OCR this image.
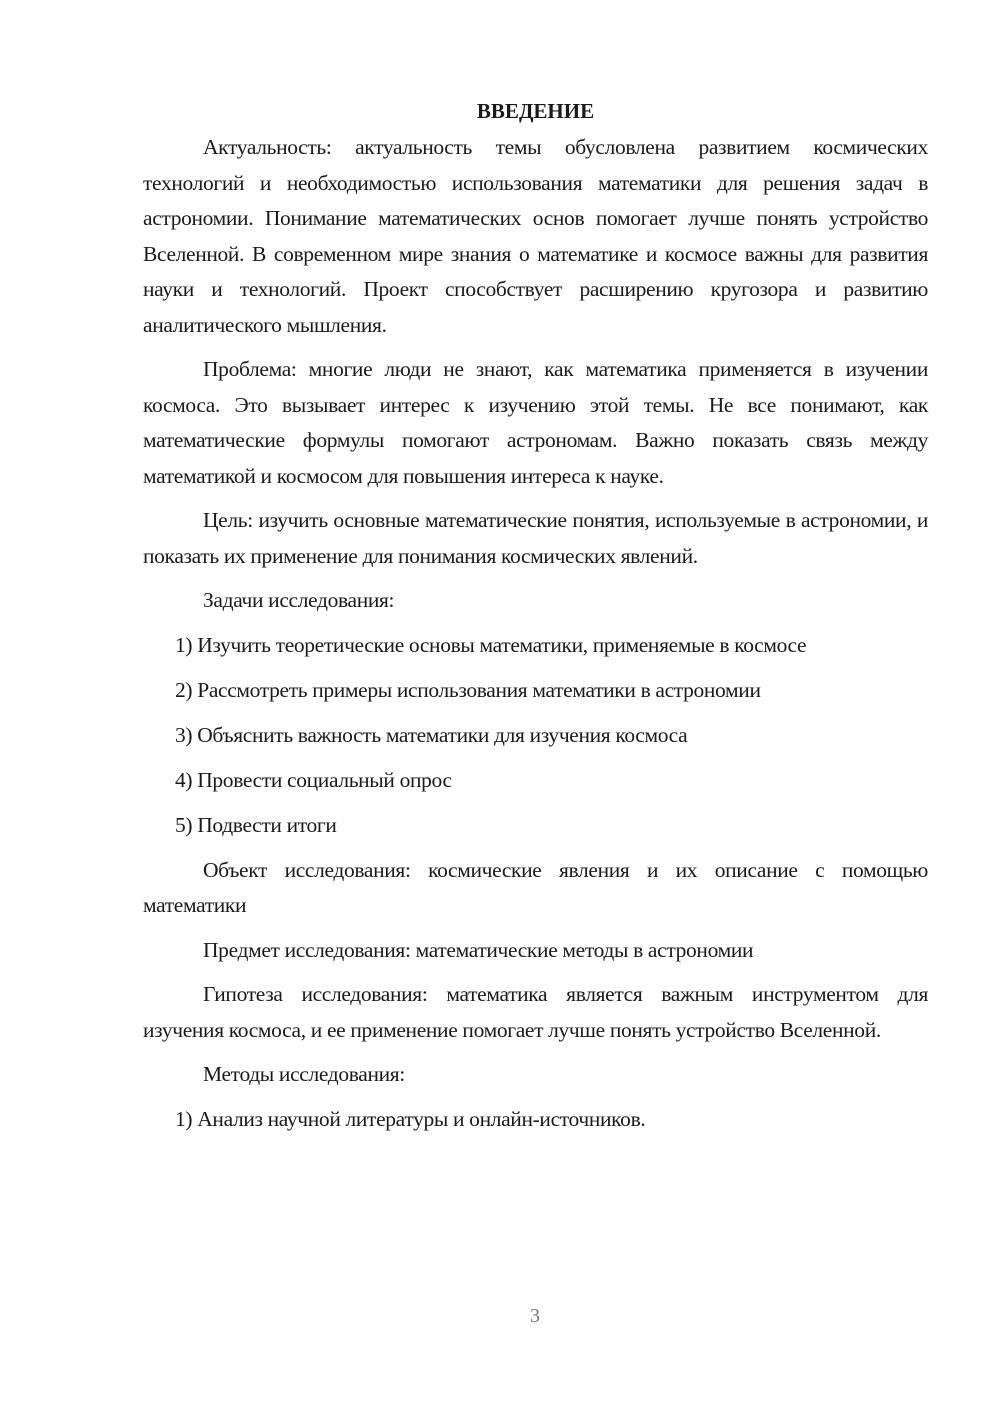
ВВЕДЕНИЕ

Актуальность: актуальность темы обусловлена развитием космических технологий и необходимостью использования математики для решения задач в астрономии. Понимание математических основ помогает лучше понять устройство Вселенной. В современном мире знания о математике и космосе важны для развития науки и технологий. Проект способствует расширению кругозора и развитию аналитического мышления.

Проблема: многие люди не знают, как математика применяется в изучении космоса. Это вызывает интерес к изучению этой темы. Не все понимают, как математические формулы помогают астрономам. Важно показать связь между математикой и космосом для повышения интереса к науке.

Цель: изучить основные математические понятия, используемые в астрономии, и показать их применение для понимания космических явлений.

Задачи исследования:

1) Изучить теоретические основы математики, применяемые в космосе
2) Рассмотреть примеры использования математики в астрономии
3) Объяснить важность математики для изучения космоса
4) Провести социальный опрос
5) Подвести итоги

Объект исследования: космические явления и их описание с помощью математики

Предмет исследования: математические методы в астрономии

Гипотеза исследования: математика является важным инструментом для изучения космоса, и ее применение помогает лучше понять устройство Вселенной.

Методы исследования:

1) Анализ научной литературы и онлайн-источников.
3
